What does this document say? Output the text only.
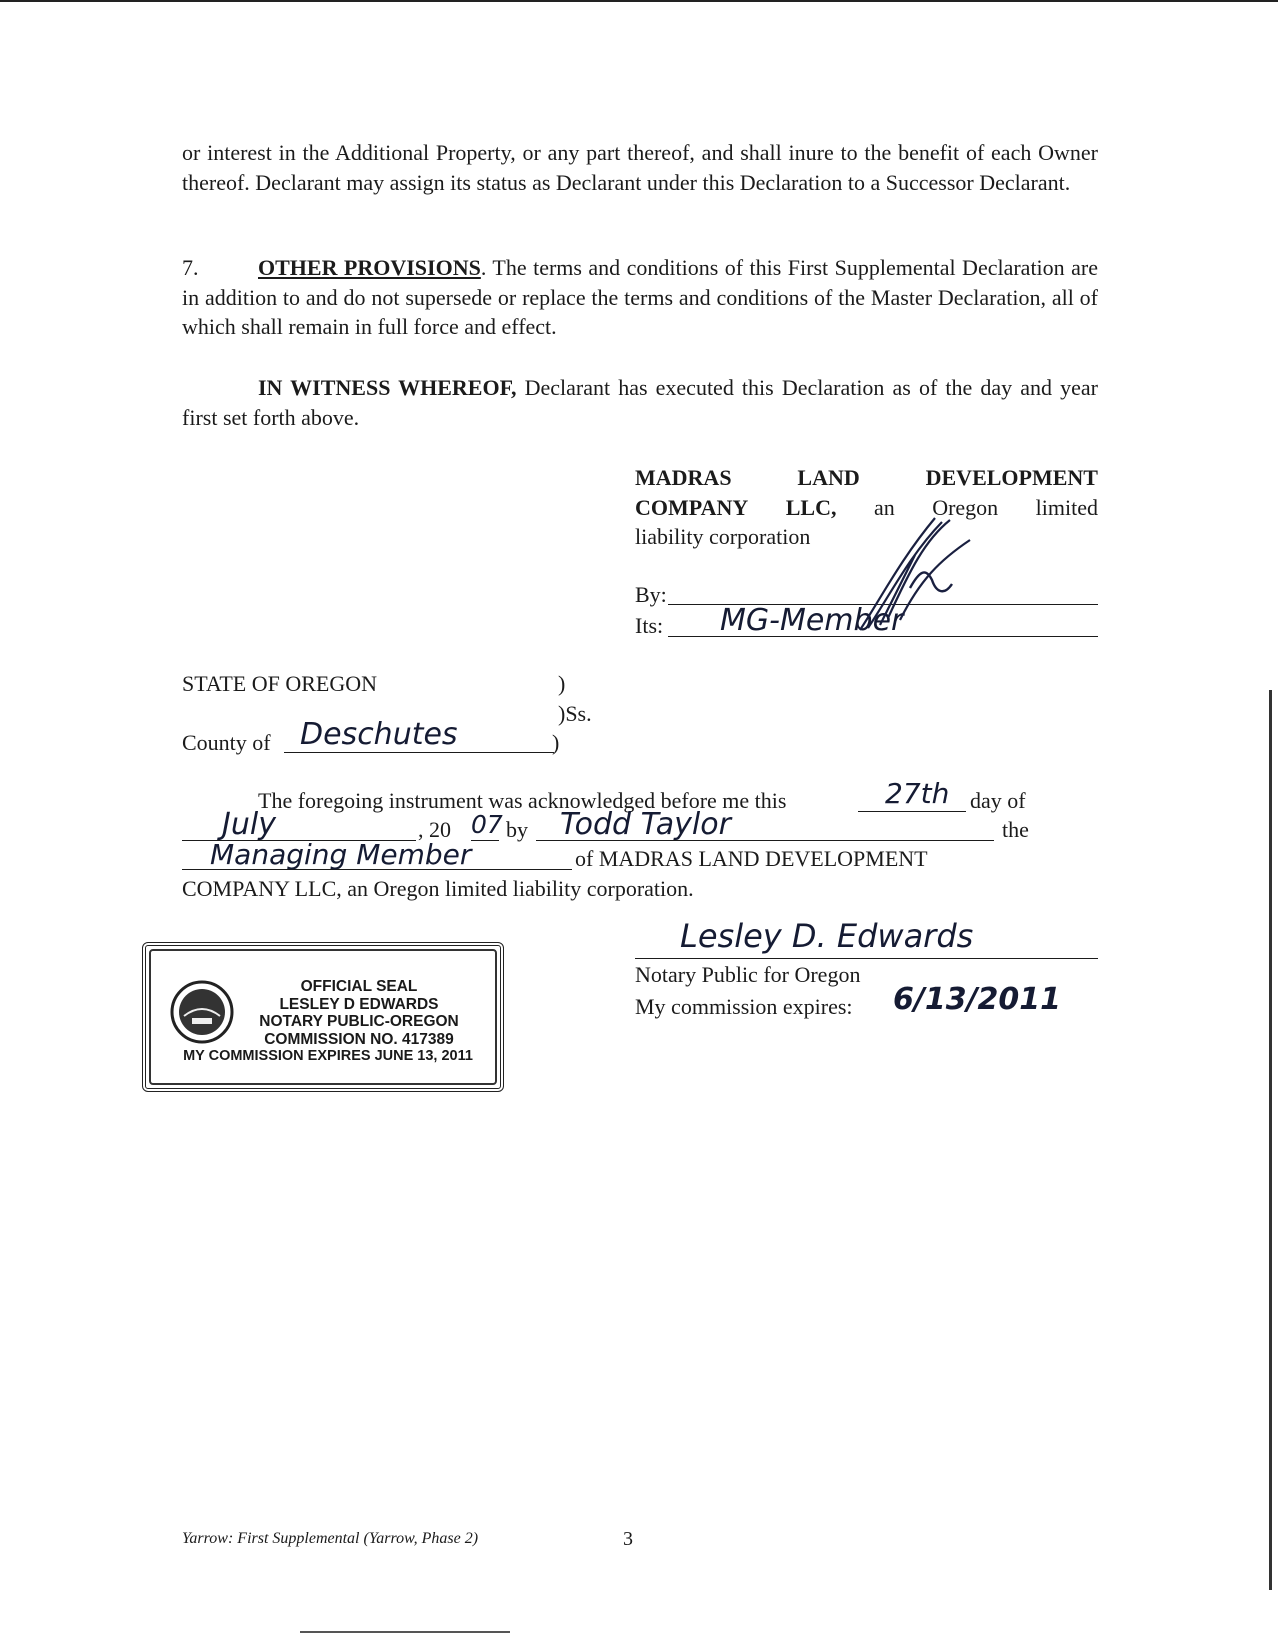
or interest in the Additional Property, or any part thereof, and shall inure to the benefit of each Owner thereof. Declarant may assign its status as Declarant under this Declaration to a Successor Declarant.

7.	OTHER PROVISIONS. The terms and conditions of this First Supplemental Declaration are in addition to and do not supersede or replace the terms and conditions of the Master Declaration, all of which shall remain in full force and effect.

IN WITNESS WHEREOF, Declarant has executed this Declaration as of the day and year first set forth above.

MADRAS	LAND	DEVELOPMENT
COMPANY LLC, an Oregon limited
liability corporation
By:
Its: MG-Member
STATE OF OREGON	)
)Ss.
County of Deschutes	)
The foregoing instrument was acknowledged before me this	27th day of
July	, 20 07 by Todd Taylor	the
Managing Member	of MADRAS LAND DEVELOPMENT
COMPANY LLC, an Oregon limited liability corporation.
Lesley D. Edwards
Notary Public for Oregon
My commission expires: 6/13/2011
OFFICIAL SEAL
LESLEY D EDWARDS
NOTARY PUBLIC-OREGON
COMMISSION NO. 417389
MY COMMISSION EXPIRES JUNE 13, 2011
Yarrow: First Supplemental (Yarrow, Phase 2)	3
